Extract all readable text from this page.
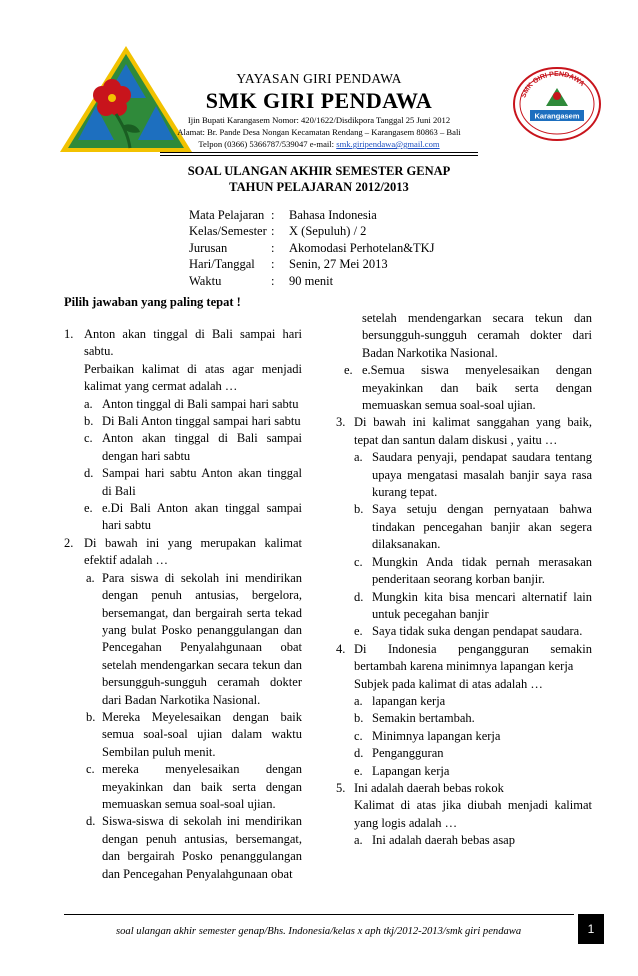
YAYASAN GIRI PENDAWA
SMK GIRI PENDAWA
Ijin Bupati Karangasem Nomor: 420/1622/Disdikpora Tanggal 25 Juni 2012
Alamat: Br. Pande Desa Nongan Kecamatan Rendang – Karangasem 80863 – Bali
Telpon (0366) 5366787/539047 e-mail: smk.giripendawa@gmail.com
SMK GIRI PENDAWA
Karangasem
SOAL ULANGAN AKHIR SEMESTER GENAP
TAHUN PELAJARAN 2012/2013
Mata Pelajaran :	Bahasa Indonesia
Kelas/Semester :	X (Sepuluh) / 2
Jurusan	:	Akomodasi Perhotelan&TKJ
Hari/Tanggal	:	Senin, 27 Mei 2013
Waktu	:	90 menit
Pilih jawaban yang paling tepat !
1. Anton akan tinggal di Bali sampai hari sabtu.
Perbaikan kalimat di atas agar menjadi kalimat yang cermat adalah …
a. Anton tinggal di Bali sampai hari sabtu
b. Di Bali Anton tinggal sampai hari sabtu
c. Anton akan tinggal di Bali sampai dengan hari sabtu
d. Sampai hari sabtu Anton akan tinggal di Bali
e. e.Di Bali Anton akan tinggal sampai hari sabtu
2. Di bawah ini yang merupakan kalimat efektif adalah …
a. Para siswa di sekolah ini mendirikan dengan penuh antusias, bergelora, bersemangat, dan bergairah serta tekad yang bulat Posko penanggulangan dan Pencegahan Penyalahgunaan obat setelah mendengarkan secara tekun dan bersungguh-sungguh ceramah dokter dari Badan Narkotika Nasional.
b. Mereka Meyelesaikan dengan baik semua soal-soal ujian dalam waktu Sembilan puluh menit.
c. mereka menyelesaikan dengan meyakinkan dan baik serta dengan memuaskan semua soal-soal ujian.
d. Siswa-siswa di sekolah ini mendirikan dengan penuh antusias, bersemangat, dan bergairah Posko penanggulangan dan Pencegahan Penyalahgunaan obat
setelah mendengarkan secara tekun dan bersungguh-sungguh ceramah dokter dari Badan Narkotika Nasional.
e. e.Semua siswa menyelesaikan dengan meyakinkan dan baik serta dengan memuaskan semua soal-soal ujian.
3. Di bawah ini kalimat sanggahan yang baik, tepat dan santun dalam diskusi , yaitu …
a. Saudara penyaji, pendapat saudara tentang upaya mengatasi masalah banjir saya rasa kurang tepat.
b. Saya setuju dengan pernyataan bahwa tindakan pencegahan banjir akan segera dilaksanakan.
c. Mungkin Anda tidak pernah merasakan penderitaan seorang korban banjir.
d. Mungkin kita bisa mencari alternatif lain untuk pecegahan banjir
e. Saya tidak suka dengan pendapat saudara.
4. Di Indonesia pengangguran semakin bertambah karena minimnya lapangan kerja
Subjek pada kalimat di atas adalah …
a. lapangan kerja
b. Semakin bertambah.
c. Minimnya lapangan kerja
d. Pengangguran
e. Lapangan kerja
5. Ini adalah daerah bebas rokok
Kalimat di atas jika diubah menjadi kalimat yang logis adalah …
a. Ini adalah daerah bebas asap
soal ulangan akhir semester genap/Bhs. Indonesia/kelas x aph tkj/2012-2013/smk giri pendawa	1
